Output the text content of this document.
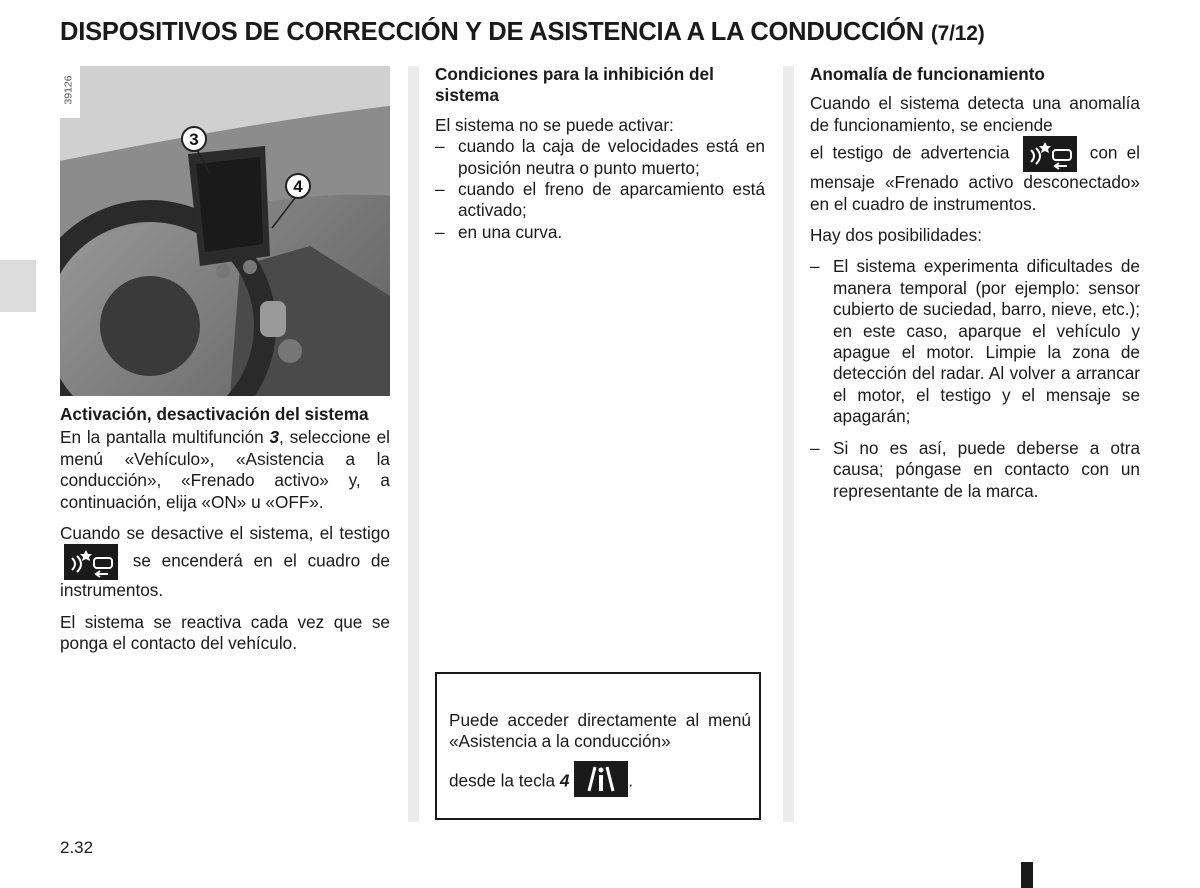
DISPOSITIVOS DE CORRECCIÓN Y DE ASISTENCIA A LA CONDUCCIÓN (7/12)
3
4
39126

Activación, desactivación del sistema

En la pantalla multifunción 3, seleccione el menú «Vehículo», «Asistencia a la conducción», «Frenado activo» y, a continuación, elija «ON» u «OFF».

Cuando se desactive el sistema, el testigo  se encenderá en el cuadro de instrumentos.

El sistema se reactiva cada vez que se ponga el contacto del vehículo.

Condiciones para la inhibición del sistema

El sistema no se puede activar:

– cuando la caja de velocidades está en posición neutra o punto muerto;
– cuando el freno de aparcamiento está activado;
– en una curva.
Puede acceder directamente al menú «Asistencia a la conducción»
desde la tecla 4	.

Anomalía de funcionamiento

Cuando el sistema detecta una anomalía de funcionamiento, se enciende

el testigo de advertencia	con el mensaje «Frenado activo desconectado» en el cuadro de instrumentos.

Hay dos posibilidades:

– El sistema experimenta dificultades de manera temporal (por ejemplo: sensor cubierto de suciedad, barro, nieve, etc.); en este caso, aparque el vehículo y apague el motor. Limpie la zona de detección del radar. Al volver a arrancar el motor, el testigo y el mensaje se apagarán;
– Si no es así, puede deberse a otra causa; póngase en contacto con un representante de la marca.
2.32
